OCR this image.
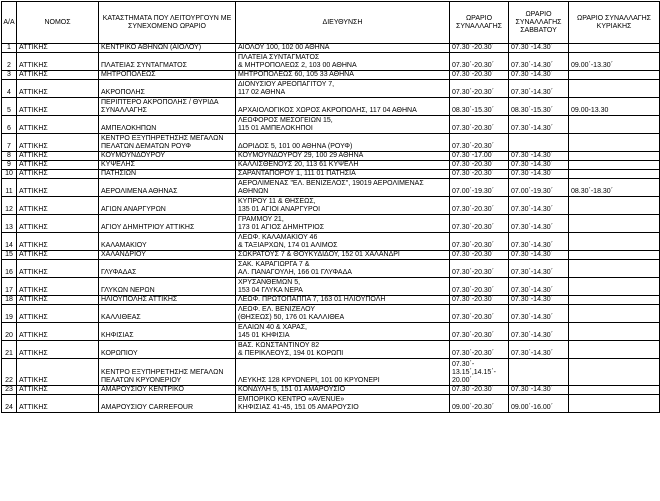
Α/Α	ΝΟΜΟΣ	ΚΑΤΑΣΤΗΜΑΤΑ ΠΟΥ ΛΕΙΤΟΥΡΓΟΥΝ ΜΕ ΣΥΝΕΧΟΜΕΝΟ ΩΡΑΡΙΟ	ΔΙΕΥΘΥΝΣΗ	ΩΡΑΡΙΟ ΣΥΝΑΛΛΑΓΗΣ	ΩΡΑΡΙΟ ΣΥΝΑΛΛΑΓΗΣ ΣΑΒΒΑΤΟΥ	ΩΡΑΡΙΟ ΣΥΝΑΛΛΑΓΗΣ ΚΥΡΙΑΚΗΣ
1	ΑΤΤΙΚΗΣ	ΚΕΝΤΡΙΚΟ ΑΘΗΝΩΝ (ΑΙΟΛΟΥ)	ΑΙΟΛΟΥ 100, 102 00 ΑΘΗΝΑ	07.30΄-20.30΄	07.30΄-14.30΄	
2	ΑΤΤΙΚΗΣ	ΠΛΑΤΕΙΑΣ ΣΥΝΤΑΓΜΑΤΟΣ	ΠΛΑΤΕΙΑ ΣΥΝΤΑΓΜΑΤΟΣ
& ΜΗΤΡΟΠΟΛΕΩΣ 2, 103 00 ΑΘΗΝΑ	07.30΄-20.30΄	07.30΄-14.30΄	09.00΄-13.30΄
3	ΑΤΤΙΚΗΣ	ΜΗΤΡΟΠΟΛΕΩΣ	ΜΗΤΡΟΠΟΛΕΩΣ 60, 105 33 ΑΘΗΝΑ	07.30΄-20.30΄	07.30΄-14.30΄	
4	ΑΤΤΙΚΗΣ	ΑΚΡΟΠΟΛΗΣ	ΔΙΟΝΥΣΙΟΥ ΑΡΕΟΠΑΓΙΤΟΥ 7,
117 02 ΑΘΗΝΑ	07.30΄-20.30΄	07.30΄-14.30΄	
5	ΑΤΤΙΚΗΣ	ΠΕΡΙΠΤΕΡΟ ΑΚΡΟΠΟΛΗΣ / ΘΥΡΙΔΑ
ΣΥΝΑΛΛΑΓΗΣ	ΑΡΧΑΙΟΛΟΓΙΚΟΣ ΧΩΡΟΣ ΑΚΡΟΠΟΛΗΣ, 117 04 ΑΘΗΝΑ	08.30΄-15.30΄	08.30΄-15.30΄	09.00-13.30
6	ΑΤΤΙΚΗΣ	ΑΜΠΕΛΟΚΗΠΩΝ	ΛΕΩΦΟΡΟΣ ΜΕΣΟΓΕΙΩΝ 15,
115 01 ΑΜΠΕΛΟΚΗΠΟΙ	07.30΄-20.30΄	07.30΄-14.30΄	
7	ΑΤΤΙΚΗΣ	ΚΕΝΤΡΟ ΕΞΥΠΗΡΕΤΗΣΗΣ ΜΕΓΑΛΩΝ
ΠΕΛΑΤΩΝ ΔΕΜΑΤΩΝ ΡΟΥΦ	ΔΟΡΙΔΟΣ 5, 101 00 ΑΘΗΝΑ (ΡΟΥΦ)	07.30΄-20.30΄		

8	ΑΤΤΙΚΗΣ	ΚΟΥΜΟΥΝΔΟΥΡΟΥ	ΚΟΥΜΟΥΝΔΟΥΡΟΥ 29, 100 29 ΑΘΗΝΑ	07.30΄-17.00΄	07.30΄-14.30΄	
9	ΑΤΤΙΚΗΣ	ΚΥΨΕΛΗΣ	ΚΑΛΛΙΣΘΕΝΟΥΣ 20, 113 61 ΚΥΨΕΛΗ	07.30΄-20.30΄	07.30΄-14.30΄	
10	ΑΤΤΙΚΗΣ	ΠΑΤΗΣΙΩΝ	ΣΑΡΑΝΤΑΠΟΡΟΥ 1, 111 01 ΠΑΤΗΣΙΑ	07.30΄-20.30΄	07.30΄-14.30΄	
11	ΑΤΤΙΚΗΣ	ΑΕΡΟΛΙΜΕΝΑ ΑΘΗΝΑΣ	ΑΕΡΟΛΙΜΕΝΑΣ "ΕΛ. ΒΕΝΙΖΕΛΟΣ", 19019 ΑΕΡΟΛΙΜΕΝΑΣ
ΑΘΗΝΩΝ	07.00΄-19.30΄	07.00΄-19.30΄	08.30΄-18.30΄
12	ΑΤΤΙΚΗΣ	ΑΓΙΩΝ ΑΝΑΡΓΥΡΩΝ	ΚΥΠΡΟΥ 11 & ΘΗΣΕΩΣ,
135 01 ΑΓΙΟΙ ΑΝΑΡΓΥΡΟΙ	07.30΄-20.30΄	07.30΄-14.30΄	
13	ΑΤΤΙΚΗΣ	ΑΓΙΟΥ ΔΗΜΗΤΡΙΟΥ ΑΤΤΙΚΗΣ	ΓΡΑΜΜΟΥ 21,
173 01 ΑΓΙΟΣ ΔΗΜΗΤΡΙΟΣ	07.30΄-20.30΄	07.30΄-14.30΄	
14	ΑΤΤΙΚΗΣ	ΚΑΛΑΜΑΚΙΟΥ	ΛΕΩΦ. ΚΑΛΑΜΑΚΙΟΥ 46
& ΤΑΞΙΑΡΧΩΝ, 174 01 ΑΛΙΜΟΣ	07.30΄-20.30΄	07.30΄-14.30΄	
15	ΑΤΤΙΚΗΣ	ΧΑΛΑΝΔΡΙΟΥ	ΣΩΚΡΑΤΟΥΣ 7 & ΘΟΥΚΥΔΙΔΟΥ, 152 01 ΧΑΛΑΝΔΡΙ	07.30΄-20.30΄	07.30΄-14.30΄	
16	ΑΤΤΙΚΗΣ	ΓΛΥΦΑΔΑΣ	ΣΑΚ. ΚΑΡΑΓΙΩΡΓΑ 7 &
ΑΛ. ΠΑΝΑΓΟΥΛΗ, 166 01 ΓΛΥΦΑΔΑ	07.30΄-20.30΄	07.30΄-14.30΄	
17	ΑΤΤΙΚΗΣ	ΓΛΥΚΩΝ ΝΕΡΩΝ	ΧΡΥΣΑΝΘΕΜΩΝ 5,
153 04 ΓΛΥΚΑ ΝΕΡΑ	07.30΄-20.30΄	07.30΄-14.30΄	
18	ΑΤΤΙΚΗΣ	ΗΛΙΟΥΠΟΛΗΣ ΑΤΤΙΚΗΣ	ΛΕΩΦ. ΠΡΩΤΟΠΑΠΠΑ 7, 163 01 ΗΛΙΟΥΠΟΛΗ	07.30΄-20.30΄	07.30΄-14.30΄	
19	ΑΤΤΙΚΗΣ	ΚΑΛΛΙΘΕΑΣ	ΛΕΩΦ. ΕΛ. ΒΕΝΙΖΕΛΟΥ
(ΘΗΣΕΩΣ) 50, 176 01 ΚΑΛΛΙΘΕΑ	07.30΄-20.30΄	07.30΄-14.30΄	
20	ΑΤΤΙΚΗΣ	ΚΗΦΙΣΙΑΣ	ΕΛΑΙΩΝ 40 & ΧΑΡΑΣ,
145 01 ΚΗΦΙΣΙΑ	07.30΄-20.30΄	07.30΄-14.30΄	
21	ΑΤΤΙΚΗΣ	ΚΟΡΩΠΙΟΥ	ΒΑΣ. ΚΩΝΣΤΑΝΤΙΝΟΥ 82
& ΠΕΡΙΚΛΕΟΥΣ, 194 01 ΚΟΡΩΠΙ	07.30΄-20.30΄	07.30΄-14.30΄	
22	ΑΤΤΙΚΗΣ	ΚΕΝΤΡΟ ΕΞΥΠΗΡΕΤΗΣΗΣ ΜΕΓΑΛΩΝ
ΠΕΛΑΤΩΝ ΚΡΥΟΝΕΡΙΟΥ	ΛΕΥΚΗΣ 128 ΚΡΥΟΝΕΡΙ, 101 00 ΚΡΥΟΝΕΡΙ	07.30΄-
13.15΄,14.15΄-
20.00΄		

23	ΑΤΤΙΚΗΣ	ΑΜΑΡΟΥΣΙΟΥ ΚΕΝΤΡΙΚΟ	ΚΟΝΔΥΛΗ 5, 151 01 ΑΜΑΡΟΥΣΙΟ	07.30΄-20.30΄	07.30΄-14.30΄	
24	ΑΤΤΙΚΗΣ	ΑΜΑΡΟΥΣΙΟΥ CARREFOUR	ΕΜΠΟΡΙΚΟ ΚΕΝΤΡΟ «AVENUE»
ΚΗΦΙΣΙΑΣ 41-45, 151 05 ΑΜΑΡΟΥΣΙΟ	09.00΄-20.30΄	09.00΄-16.00΄	
